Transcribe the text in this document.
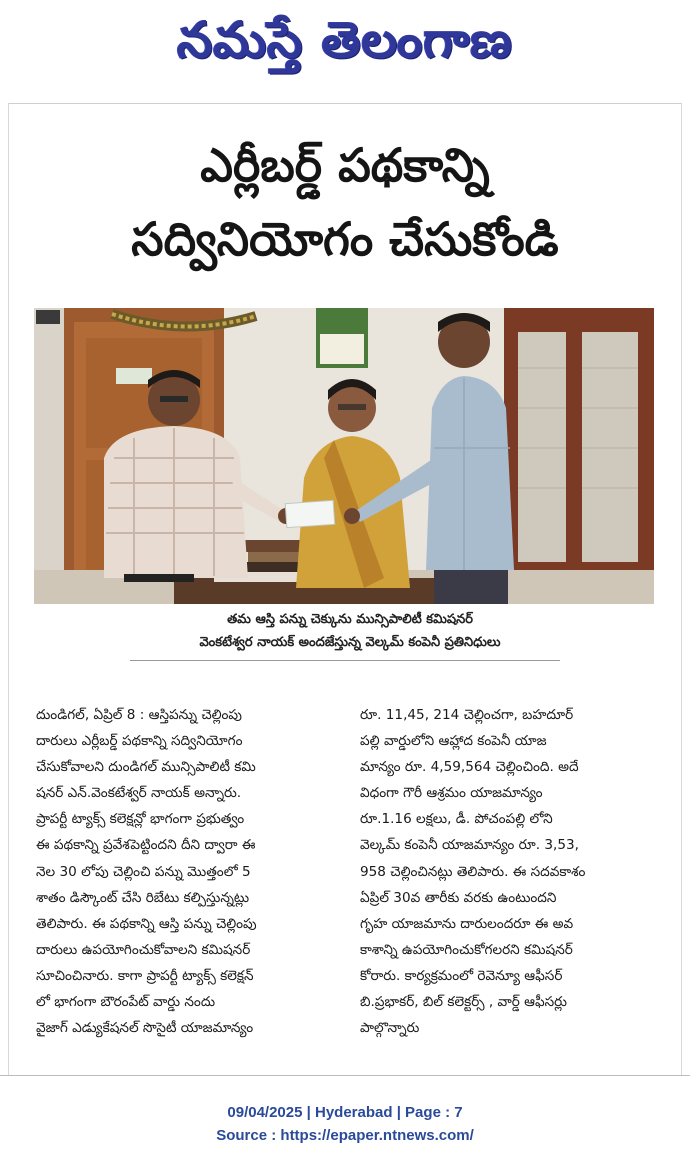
నమస్తే తెలంగాణ
ఎర్లీబర్డ్ పథకాన్ని
సద్వినియోగం చేసుకోండి
తమ ఆస్తి పన్ను చెక్కును మున్సిపాలిటీ కమిషనర్
వెంకటేశ్వర నాయక్ అందజేస్తున్న వెల్కమ్ కంపెనీ ప్రతినిధులు

దుండిగల్, ఏప్రిల్ 8 : ఆస్తిపన్ను చెల్లింపు

దారులు ఎర్లీబర్డ్ పథకాన్ని సద్వినియోగం

చేసుకోవాలని దుండిగల్ మున్సిపాలిటీ కమి

షనర్ ఎన్.వెంకటేశ్వర్ నాయక్ అన్నారు.

ప్రాపర్టీ ట్యాక్స్ కలెక్షన్లో భాగంగా ప్రభుత్వం

ఈ పథకాన్ని ప్రవేశపెట్టిందని దీని ద్వారా ఈ

నెల 30 లోపు చెల్లించి పన్ను మొత్తంలో 5

శాతం డిస్కౌంట్ చేసి రిబేటు కల్పిస్తున్నట్లు

తెలిపారు. ఈ పథకాన్ని ఆస్తి పన్ను చెల్లింపు

దారులు ఉపయోగించుకోవాలని కమిషనర్

సూచించినారు. కాగా ప్రాపర్టీ ట్యాక్స్ కలెక్షన్

లో భాగంగా బౌరంపేట్ వార్డు నందు

వైజాగ్ ఎడ్యుకేషనల్ సొసైటీ యాజమాన్యం

రూ. 11,45, 214 చెల్లించగా, బహదూర్

పల్లి వార్డులోని ఆహ్లాద కంపెనీ యాజ

మాన్యం రూ. 4,59,564 చెల్లించింది. అదే

విధంగా గౌరీ ఆశ్రమం యాజమాన్యం

రూ.1.16 లక్షలు, డీ. పోచంపల్లి లోని

వెల్కమ్ కంపెనీ యాజమాన్యం రూ. 3,53,

958 చెల్లించినట్లు తెలిపారు. ఈ సదవకాశం

ఏప్రిల్ 30వ తారీకు వరకు ఉంటుందని

గృహ యాజమాను దారులందరూ ఈ అవ

కాశాన్ని ఉపయోగించుకోగలరని కమిషనర్

కోరారు. కార్యక్రమంలో రెవెన్యూ ఆఫీసర్

బి.ప్రభాకర్, బిల్ కలెక్టర్స్ , వార్డ్ ఆఫీసర్లు

పాల్గొన్నారు

09/04/2025 | Hyderabad | Page : 7
Source : https://epaper.ntnews.com/
